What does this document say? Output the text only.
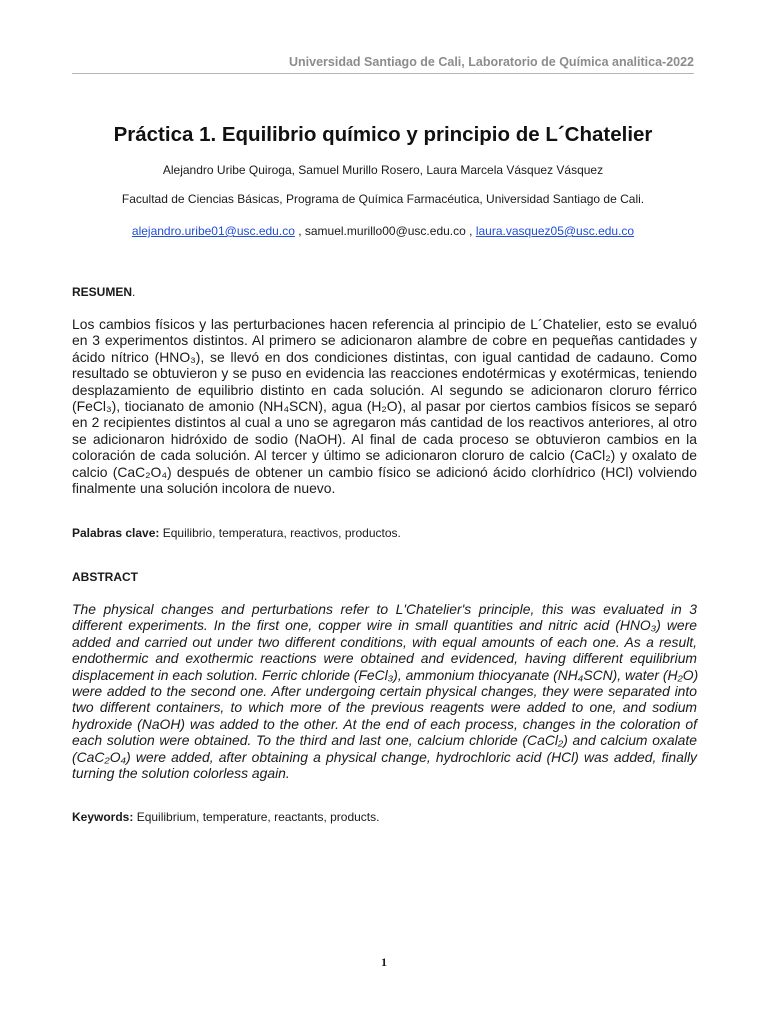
Universidad Santiago de Cali, Laboratorio de Química analitica-2022
Práctica 1. Equilibrio químico y principio de L´Chatelier
Alejandro Uribe Quiroga, Samuel Murillo Rosero, Laura Marcela Vásquez Vásquez
Facultad de Ciencias Básicas, Programa de Química Farmacéutica, Universidad Santiago de Cali.
alejandro.uribe01@usc.edu.co , samuel.murillo00@usc.edu.co , laura.vasquez05@usc.edu.co
RESUMEN.
Los cambios físicos y las perturbaciones hacen referencia al principio de L´Chatelier, esto se evaluó
en 3 experimentos distintos. Al primero se adicionaron alambre de cobre en pequeñas cantidades y
ácido nítrico (HNO₃), se llevó en dos condiciones distintas, con igual cantidad de cadauno. Como
resultado se obtuvieron y se puso en evidencia las reacciones endotérmicas y exotérmicas, teniendo
desplazamiento de equilibrio distinto en cada solución. Al segundo se adicionaron cloruro férrico
(FeCl₃), tiocianato de amonio (NH₄SCN), agua (H₂O), al pasar por ciertos cambios físicos se separó
en 2 recipientes distintos al cual a uno se agregaron más cantidad de los reactivos anteriores, al otro
se adicionaron hidróxido de sodio (NaOH). Al final de cada proceso se obtuvieron cambios en la
coloración de cada solución. Al tercer y último se adicionaron cloruro de calcio (CaCl₂) y oxalato de
calcio (CaC₂O₄) después de obtener un cambio físico se adicionó ácido clorhídrico (HCl) volviendo
finalmente una solución incolora de nuevo.
Palabras clave: Equilibrio, temperatura, reactivos, productos.
ABSTRACT
The physical changes and perturbations refer to L'Chatelier's principle, this was evaluated in 3
different experiments. In the first one, copper wire in small quantities and nitric acid (HNO₃) were
added and carried out under two different conditions, with equal amounts of each one. As a result,
endothermic and exothermic reactions were obtained and evidenced, having different equilibrium
displacement in each solution. Ferric chloride (FeCl₃), ammonium thiocyanate (NH₄SCN), water (H₂O)
were added to the second one. After undergoing certain physical changes, they were separated into
two different containers, to which more of the previous reagents were added to one, and sodium
hydroxide (NaOH) was added to the other. At the end of each process, changes in the coloration of
each solution were obtained. To the third and last one, calcium chloride (CaCl₂) and calcium oxalate
(CaC₂O₄) were added, after obtaining a physical change, hydrochloric acid (HCl) was added, finally
turning the solution colorless again.
Keywords: Equilibrium, temperature, reactants, products.
1
